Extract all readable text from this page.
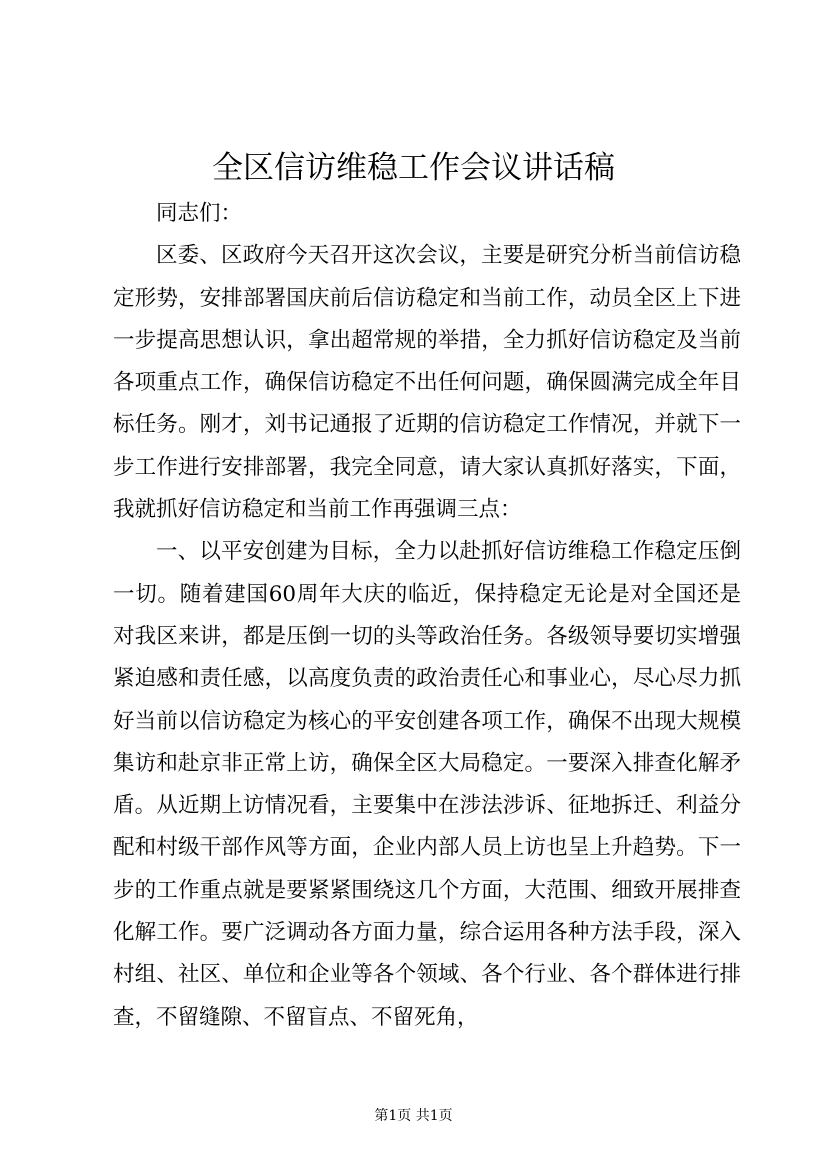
全区信访维稳工作会议讲话稿

同志们：

区委、区政府今天召开这次会议，主要是研究分析当前信访稳定形势，安排部署国庆前后信访稳定和当前工作，动员全区上下进一步提高思想认识，拿出超常规的举措，全力抓好信访稳定及当前各项重点工作，确保信访稳定不出任何问题，确保圆满完成全年目标任务。刚才，刘书记通报了近期的信访稳定工作情况，并就下一步工作进行安排部署，我完全同意，请大家认真抓好落实，下面，我就抓好信访稳定和当前工作再强调三点：

一、以平安创建为目标，全力以赴抓好信访维稳工作稳定压倒一切。随着建国60周年大庆的临近，保持稳定无论是对全国还是对我区来讲，都是压倒一切的头等政治任务。各级领导要切实增强紧迫感和责任感，以高度负责的政治责任心和事业心，尽心尽力抓好当前以信访稳定为核心的平安创建各项工作，确保不出现大规模集访和赴京非正常上访，确保全区大局稳定。一要深入排查化解矛盾。从近期上访情况看，主要集中在涉法涉诉、征地拆迁、利益分配和村级干部作风等方面，企业内部人员上访也呈上升趋势。下一步的工作重点就是要紧紧围绕这几个方面，大范围、细致开展排查化解工作。要广泛调动各方面力量，综合运用各种方法手段，深入村组、社区、单位和企业等各个领域、各个行业、各个群体进行排查，不留缝隙、不留盲点、不留死角，

第1页 共1页
